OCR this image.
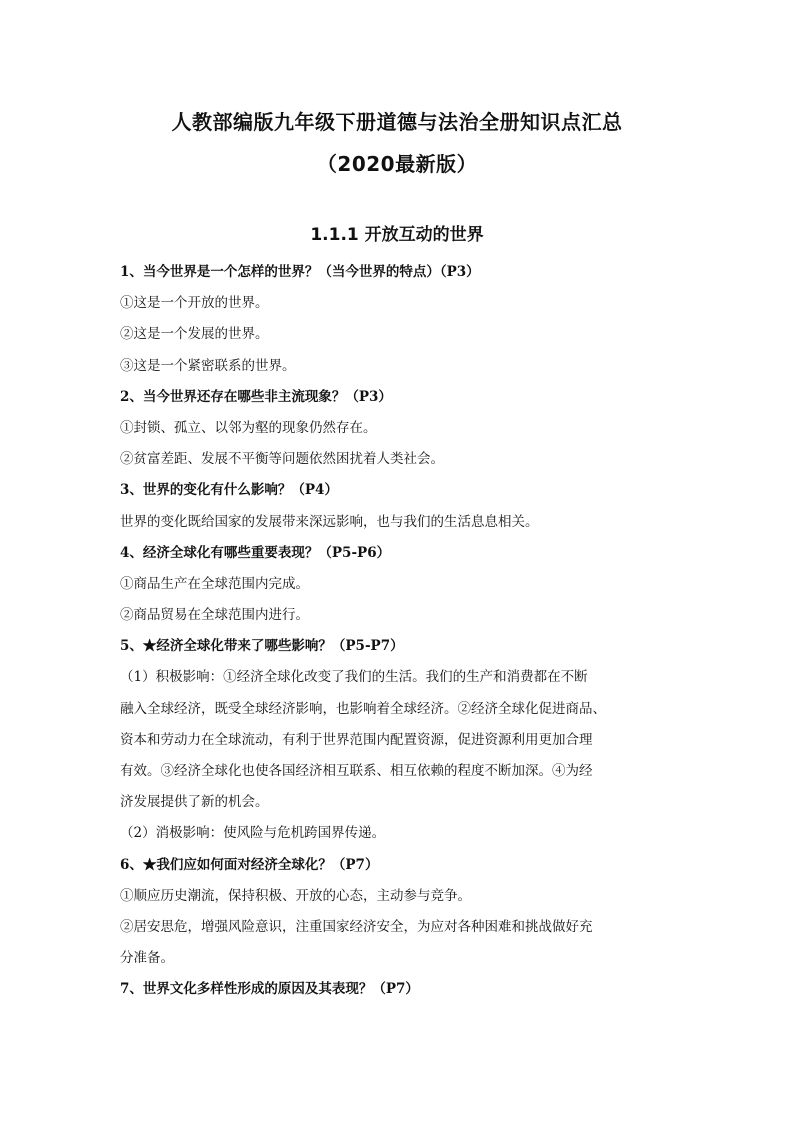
人教部编版九年级下册道德与法治全册知识点汇总
（2020最新版）
1.1.1 开放互动的世界
1、当今世界是一个怎样的世界？（当今世界的特点）（P3）
①这是一个开放的世界。
②这是一个发展的世界。
③这是一个紧密联系的世界。
2、当今世界还存在哪些非主流现象？（P3）
①封锁、孤立、以邻为壑的现象仍然存在。
②贫富差距、发展不平衡等问题依然困扰着人类社会。
3、世界的变化有什么影响？（P4）
世界的变化既给国家的发展带来深远影响，也与我们的生活息息相关。
4、经济全球化有哪些重要表现？（P5-P6）
①商品生产在全球范围内完成。
②商品贸易在全球范围内进行。
5、★经济全球化带来了哪些影响？（P5-P7）
（1）积极影响：①经济全球化改变了我们的生活。我们的生产和消费都在不断
融入全球经济，既受全球经济影响，也影响着全球经济。②经济全球化促进商品、
资本和劳动力在全球流动，有利于世界范围内配置资源，促进资源利用更加合理
有效。③经济全球化也使各国经济相互联系、相互依赖的程度不断加深。④为经
济发展提供了新的机会。
（2）消极影响：使风险与危机跨国界传递。
6、★我们应如何面对经济全球化？（P7）
①顺应历史潮流，保持积极、开放的心态，主动参与竞争。
②居安思危，增强风险意识，注重国家经济安全，为应对各种困难和挑战做好充
分准备。
7、世界文化多样性形成的原因及其表现？（P7）
